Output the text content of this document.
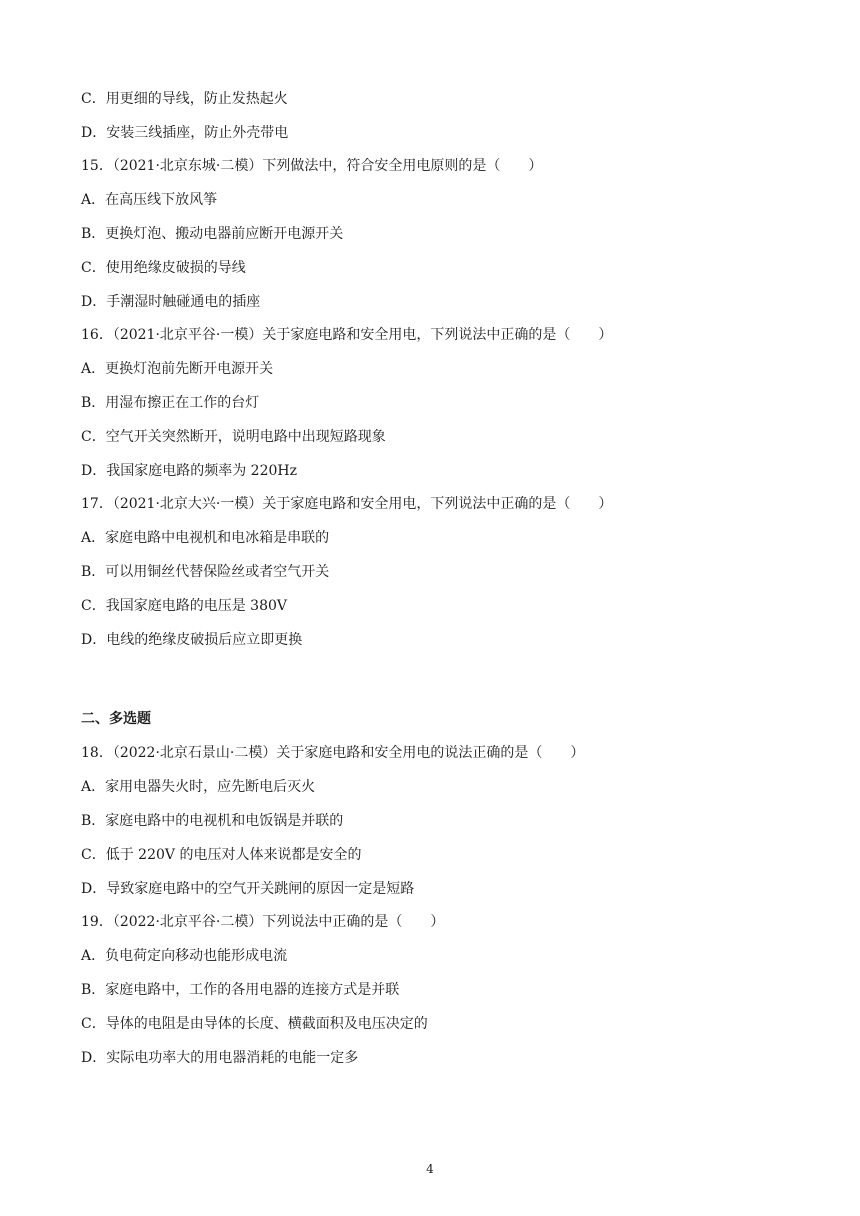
C．用更细的导线，防止发热起火
D．安装三线插座，防止外壳带电
15．（2021·北京东城·二模）下列做法中，符合安全用电原则的是（　　）
A．在高压线下放风筝
B．更换灯泡、搬动电器前应断开电源开关
C．使用绝缘皮破损的导线
D．手潮湿时触碰通电的插座
16．（2021·北京平谷·一模）关于家庭电路和安全用电，下列说法中正确的是（　　）
A．更换灯泡前先断开电源开关
B．用湿布擦正在工作的台灯
C．空气开关突然断开，说明电路中出现短路现象
D．我国家庭电路的频率为 220Hz
17．（2021·北京大兴·一模）关于家庭电路和安全用电，下列说法中正确的是（　　）
A．家庭电路中电视机和电冰箱是串联的
B．可以用铜丝代替保险丝或者空气开关
C．我国家庭电路的电压是 380V
D．电线的绝缘皮破损后应立即更换
二、多选题
18．（2022·北京石景山·二模）关于家庭电路和安全用电的说法正确的是（　　）
A．家用电器失火时，应先断电后灭火
B．家庭电路中的电视机和电饭锅是并联的
C．低于 220V 的电压对人体来说都是安全的
D．导致家庭电路中的空气开关跳闸的原因一定是短路
19．（2022·北京平谷·二模）下列说法中正确的是（　　）
A．负电荷定向移动也能形成电流
B．家庭电路中，工作的各用电器的连接方式是并联
C．导体的电阻是由导体的长度、横截面积及电压决定的
D．实际电功率大的用电器消耗的电能一定多
4
